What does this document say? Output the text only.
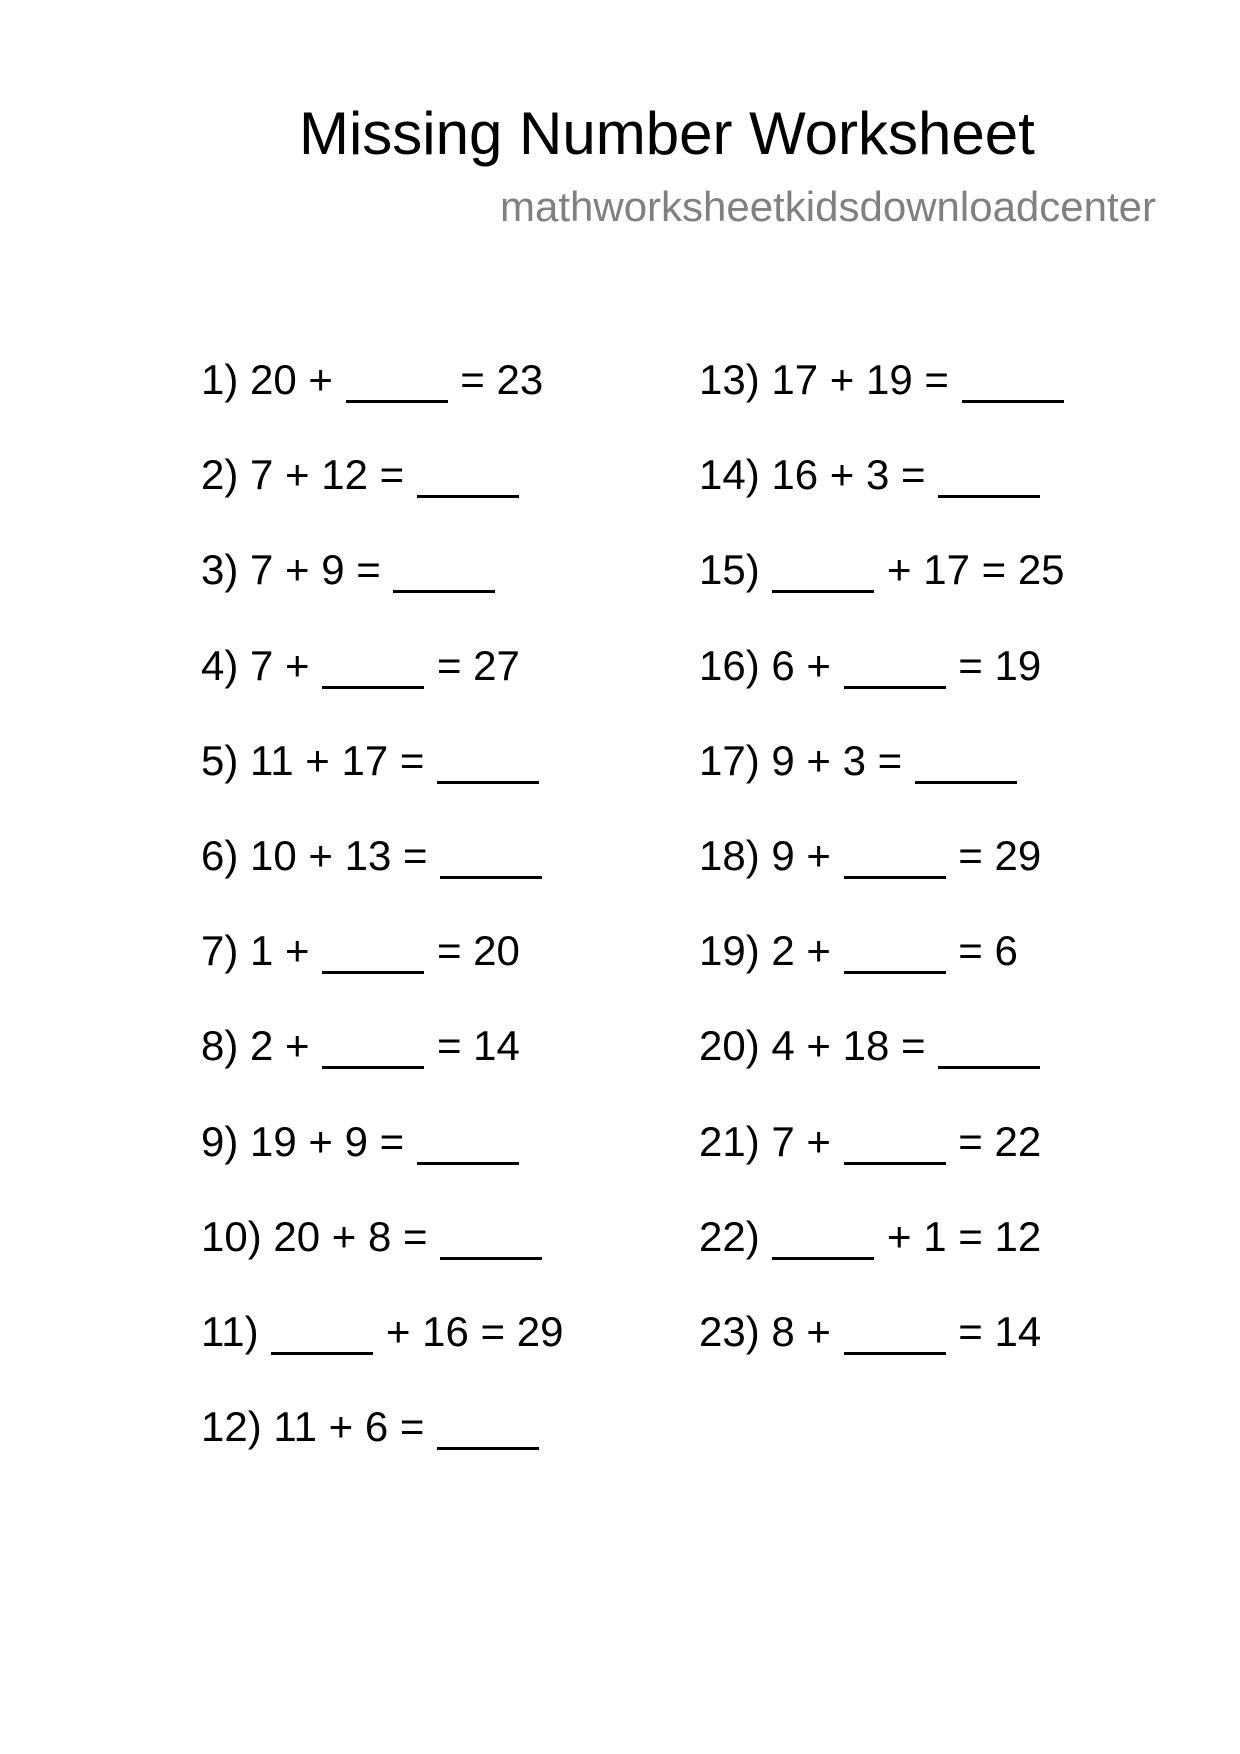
Missing Number Worksheet
mathworksheetkidsdownloadcenter
1) 20 +	= 23
2) 7 + 12 =
3) 7 + 9 =
4) 7 +	= 27
5) 11 + 17 =
6) 10 + 13 =
7) 1 +	= 20
8) 2 +	= 14
9) 19 + 9 =
10) 20 + 8 =
11)	+ 16 = 29
12) 11 + 6 =
13) 17 + 19 =
14) 16 + 3 =
15)	+ 17 = 25
16) 6 +	= 19
17) 9 + 3 =
18) 9 +	= 29
19) 2 +	= 6
20) 4 + 18 =
21) 7 +	= 22
22)	+ 1 = 12
23) 8 +	= 14
